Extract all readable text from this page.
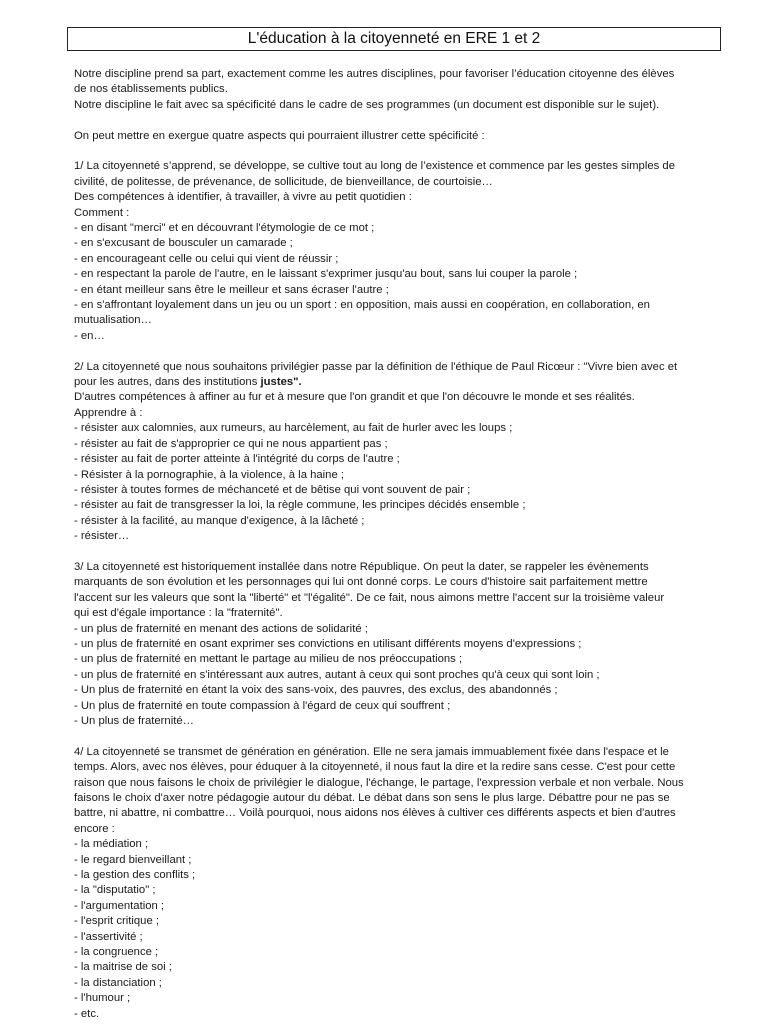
L'éducation à la citoyenneté en ERE 1 et 2

Notre discipline prend sa part, exactement comme les autres disciplines, pour favoriser l’éducation citoyenne des élèves

de nos établissements publics.

Notre discipline le fait avec sa spécificité dans le cadre de ses programmes (un document est disponible sur le sujet).

On peut mettre en exergue quatre aspects qui pourraient illustrer cette spécificité :

1/ La citoyenneté s’apprend, se développe, se cultive tout au long de l’existence et commence par les gestes simples de

civilité, de politesse, de prévenance, de sollicitude, de bienveillance, de courtoisie…

Des compétences à identifier, à travailler, à vivre au petit quotidien :

Comment :

- en disant "merci" et en découvrant l'étymologie de ce mot ;

- en s'excusant de bousculer un camarade ;

- en encourageant celle ou celui qui vient de réussir ;

- en respectant la parole de l'autre, en le laissant s'exprimer jusqu'au bout, sans lui couper la parole ;

- en étant meilleur sans être le meilleur et sans écraser l'autre ;

- en s'affrontant loyalement dans un jeu ou un sport : en opposition, mais aussi en coopération, en collaboration, en

mutualisation…

- en…

2/ La citoyenneté que nous souhaitons privilégier passe par la définition de l'éthique de Paul Ricœur : "Vivre bien avec et

pour les autres, dans des institutions justes".

D'autres compétences à affiner au fur et à mesure que l'on grandit et que l'on découvre le monde et ses réalités.

Apprendre à :

- résister aux calomnies, aux rumeurs, au harcèlement, au fait de hurler avec les loups ;

- résister au fait de s'approprier ce qui ne nous appartient pas ;

- résister au fait de porter atteinte à l'intégrité du corps de l'autre ;

- Résister à la pornographie, à la violence, à la haine ;

- résister à toutes formes de méchanceté et de bêtise qui vont souvent de pair ;

- résister au fait de transgresser la loi, la règle commune, les principes décidés ensemble ;

- résister à la facilité, au manque d'exigence, à la lâcheté ;

- résister…

3/ La citoyenneté est historiquement installée dans notre République. On peut la dater, se rappeler les évènements

marquants de son évolution et les personnages qui lui ont donné corps. Le cours d'histoire sait parfaitement mettre

l'accent sur les valeurs que sont la "liberté" et "l'égalité". De ce fait, nous aimons mettre l'accent sur la troisième valeur

qui est d'égale importance : la "fraternité".

- un plus de fraternité en menant des actions de solidarité ;

- un plus de fraternité en osant exprimer ses convictions en utilisant différents moyens d'expressions ;

- un plus de fraternité en mettant le partage au milieu de nos préoccupations ;

- un plus de fraternité en s'intéressant aux autres, autant à ceux qui sont proches qu'à ceux qui sont loin ;

- Un plus de fraternité en étant la voix des sans-voix, des pauvres, des exclus, des abandonnés ;

- Un plus de fraternité en toute compassion à l'égard de ceux qui souffrent ;

- Un plus de fraternité…

4/ La citoyenneté se transmet de génération en génération. Elle ne sera jamais immuablement fixée dans l'espace et le

temps. Alors, avec nos élèves, pour éduquer à la citoyenneté, il nous faut la dire et la redire sans cesse. C'est pour cette

raison que nous faisons le choix de privilégier le dialogue, l'échange, le partage, l'expression verbale et non verbale. Nous

faisons le choix d'axer notre pédagogie autour du débat. Le débat dans son sens le plus large. Débattre pour ne pas se

battre, ni abattre, ni combattre… Voilà pourquoi, nous aidons nos élèves à cultiver ces différents aspects et bien d'autres

encore :

- la médiation ;

- le regard bienveillant ;

- la gestion des conflits ;

- la "disputatio" ;

- l'argumentation ;

- l'esprit critique ;

- l'assertivité ;

- la congruence ;

- la maitrise de soi ;

- la distanciation ;

- l'humour ;

- etc.
